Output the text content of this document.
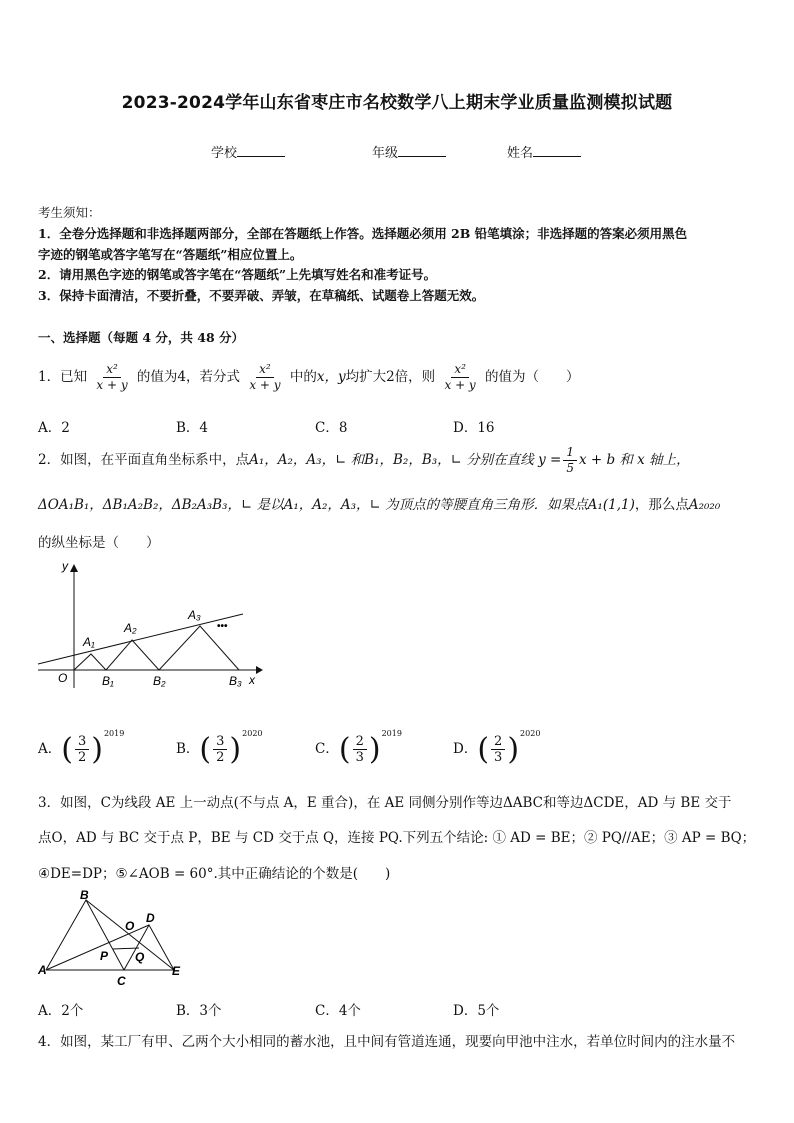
2023-2024学年山东省枣庄市名校数学八上期末学业质量监测模拟试题
学校	年级	姓名
考生须知：
1．全卷分选择题和非选择题两部分，全部在答题纸上作答。选择题必须用 2B 铅笔填涂；非选择题的答案必须用黑色
字迹的钢笔或答字笔写在“答题纸”相应位置上。
2．请用黑色字迹的钢笔或答字笔在“答题纸”上先填写姓名和准考证号。
3．保持卡面清洁，不要折叠，不要弄破、弄皱，在草稿纸、试题卷上答题无效。
一、选择题（每题 4 分，共 48 分）
1．已知 $\frac{\text{x²}}{x + y}$ 的值为4，若分式 $\frac{\text{x²}}{x + y}$ 中的x，y均扩大2倍，则 $\frac{\text{x²}}{x + y}$ 的值为（　　）
A．2	B．4	C．8	D．16
2．如图，在平面直角坐标系中，点A₁，A₂，A₃，∟ 和B₁，B₂，B₃，∟ 分别在直线 $y = \frac{1}{5}$ x + b 和 x 轴上，
ΔOA₁B₁，ΔB₁A₂B₂，ΔB₂A₃B₃，∟ 是以A₁，A₂，A₃，∟ 为顶点的等腰直角三角形．如果点A₁(1,1)，那么点A₂₀₂₀
的纵坐标是（　　）
y
x
O
A₁
A₂
A₃
•••
B₁	B₂	B₃
A． ( $\frac{3}{2}$ ) 2019
B． ( $\frac{3}{2}$ ) 2020
C． ( $\frac{2}{3}$ ) 2019
D． ( $\frac{2}{3}$ ) 2020
3．如图，C为线段 AE 上一动点(不与点 A，E 重合)，在 AE 同侧分别作等边ΔABC和等边ΔCDE，AD 与 BE 交于
点O，AD 与 BC 交于点 P，BE 与 CD 交于点 Q，连接 PQ.下列五个结论: ① AD = BE；② PQ//AE；③ AP = BQ；
④DE=DP；⑤∠AOB = 60°.其中正确结论的个数是(　　)
A
B
C
D
E
O
P Q
A．2个	B．3个	C．4个	D．5个
4．如图，某工厂有甲、乙两个大小相同的蓄水池，且中间有管道连通，现要向甲池中注水，若单位时间内的注水量不
